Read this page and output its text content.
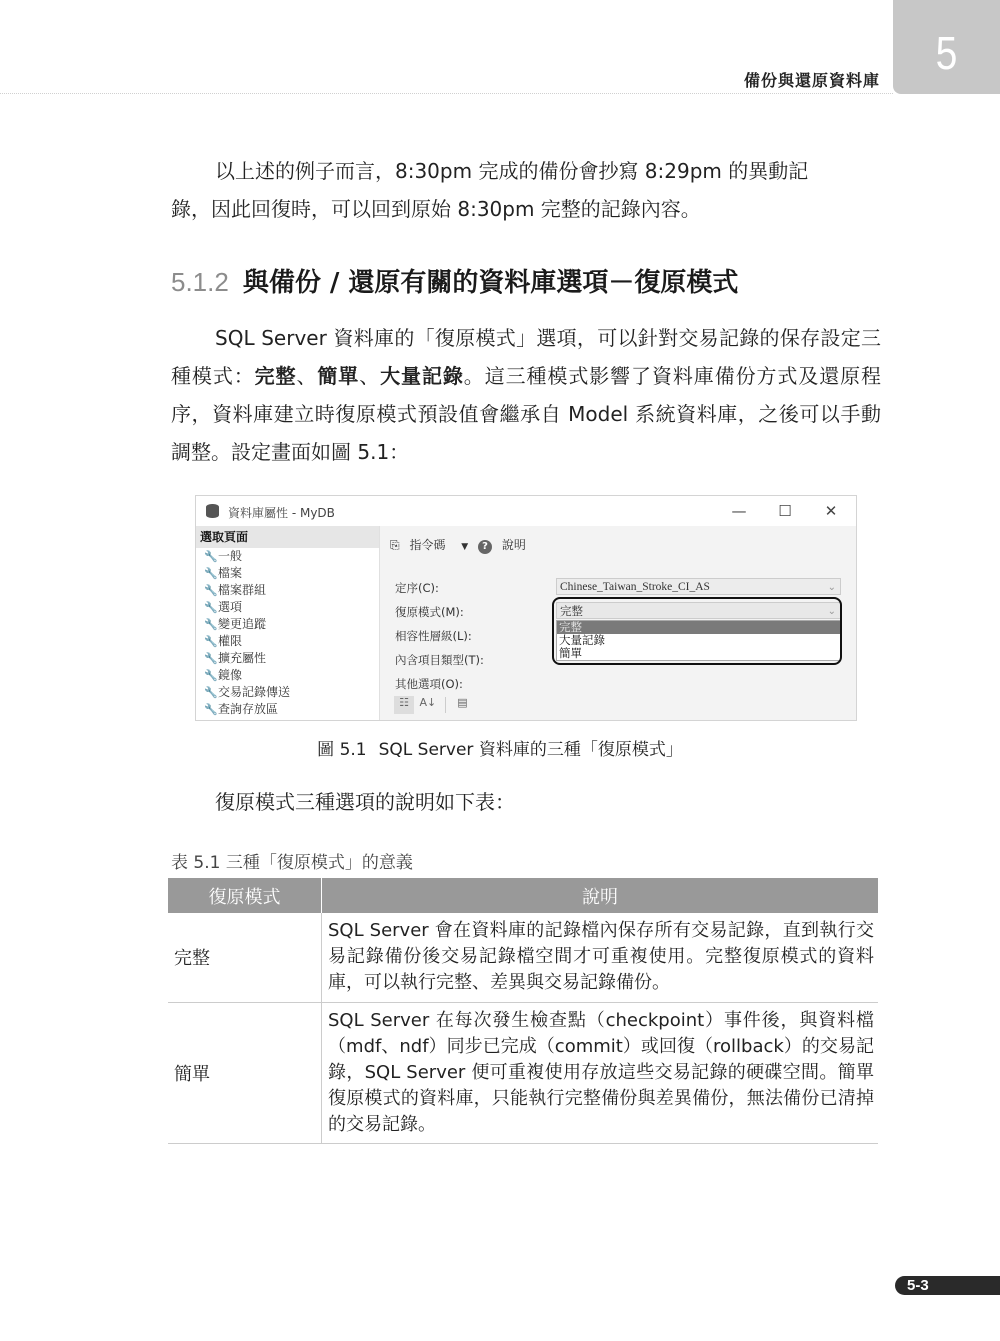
備份與還原資料庫
5
以上述的例子而言，8:30pm 完成的備份會抄寫 8:29pm 的異動記
錄，因此回復時，可以回到原始 8:30pm 完整的記錄內容。
5.1.2 與備份 / 還原有關的資料庫選項－復原模式
SQL Server 資料庫的「復原模式」選項，可以針對交易記錄的保存設定三種模式：完整、簡單、大量記錄。這三種模式影響了資料庫備份方式及還原程序，資料庫建立時復原模式預設值會繼承自 Model 系統資料庫，之後可以手動調整。設定畫面如圖 5.1：
資料庫屬性 - MyDB	—	☐	✕
選取頁面
🔧一般
🔧檔案
🔧檔案群組
🔧選項
🔧變更追蹤
🔧權限
🔧擴充屬性
🔧鏡像
🔧交易記錄傳送
🔧查詢存放區
⎘ 指令碼 ▼ ? 說明
定序(C):	Chinese_Taiwan_Stroke_CI_AS	⌄
復原模式(M):	完整	⌄
相容性層級(L):
內含項目類型(T):
其他選項(O):
完整
大量記錄
簡單
☷ A↓ ▤
圖 5.1 SQL Server 資料庫的三種「復原模式」
復原模式三種選項的說明如下表：
表 5.1 三種「復原模式」的意義
復原模式	說明
完整	SQL Server 會在資料庫的記錄檔內保存所有交易記錄，直到執行交易記錄備份後交易記錄檔空間才可重複使用。完整復原模式的資料庫，可以執行完整、差異與交易記錄備份。
簡單	SQL Server 在每次發生檢查點（checkpoint）事件後，與資料檔（mdf、ndf）同步已完成（commit）或回復（rollback）的交易記錄，SQL Server 便可重複使用存放這些交易記錄的硬碟空間。簡單復原模式的資料庫，只能執行完整備份與差異備份，無法備份已清掉的交易記錄。
5-3
